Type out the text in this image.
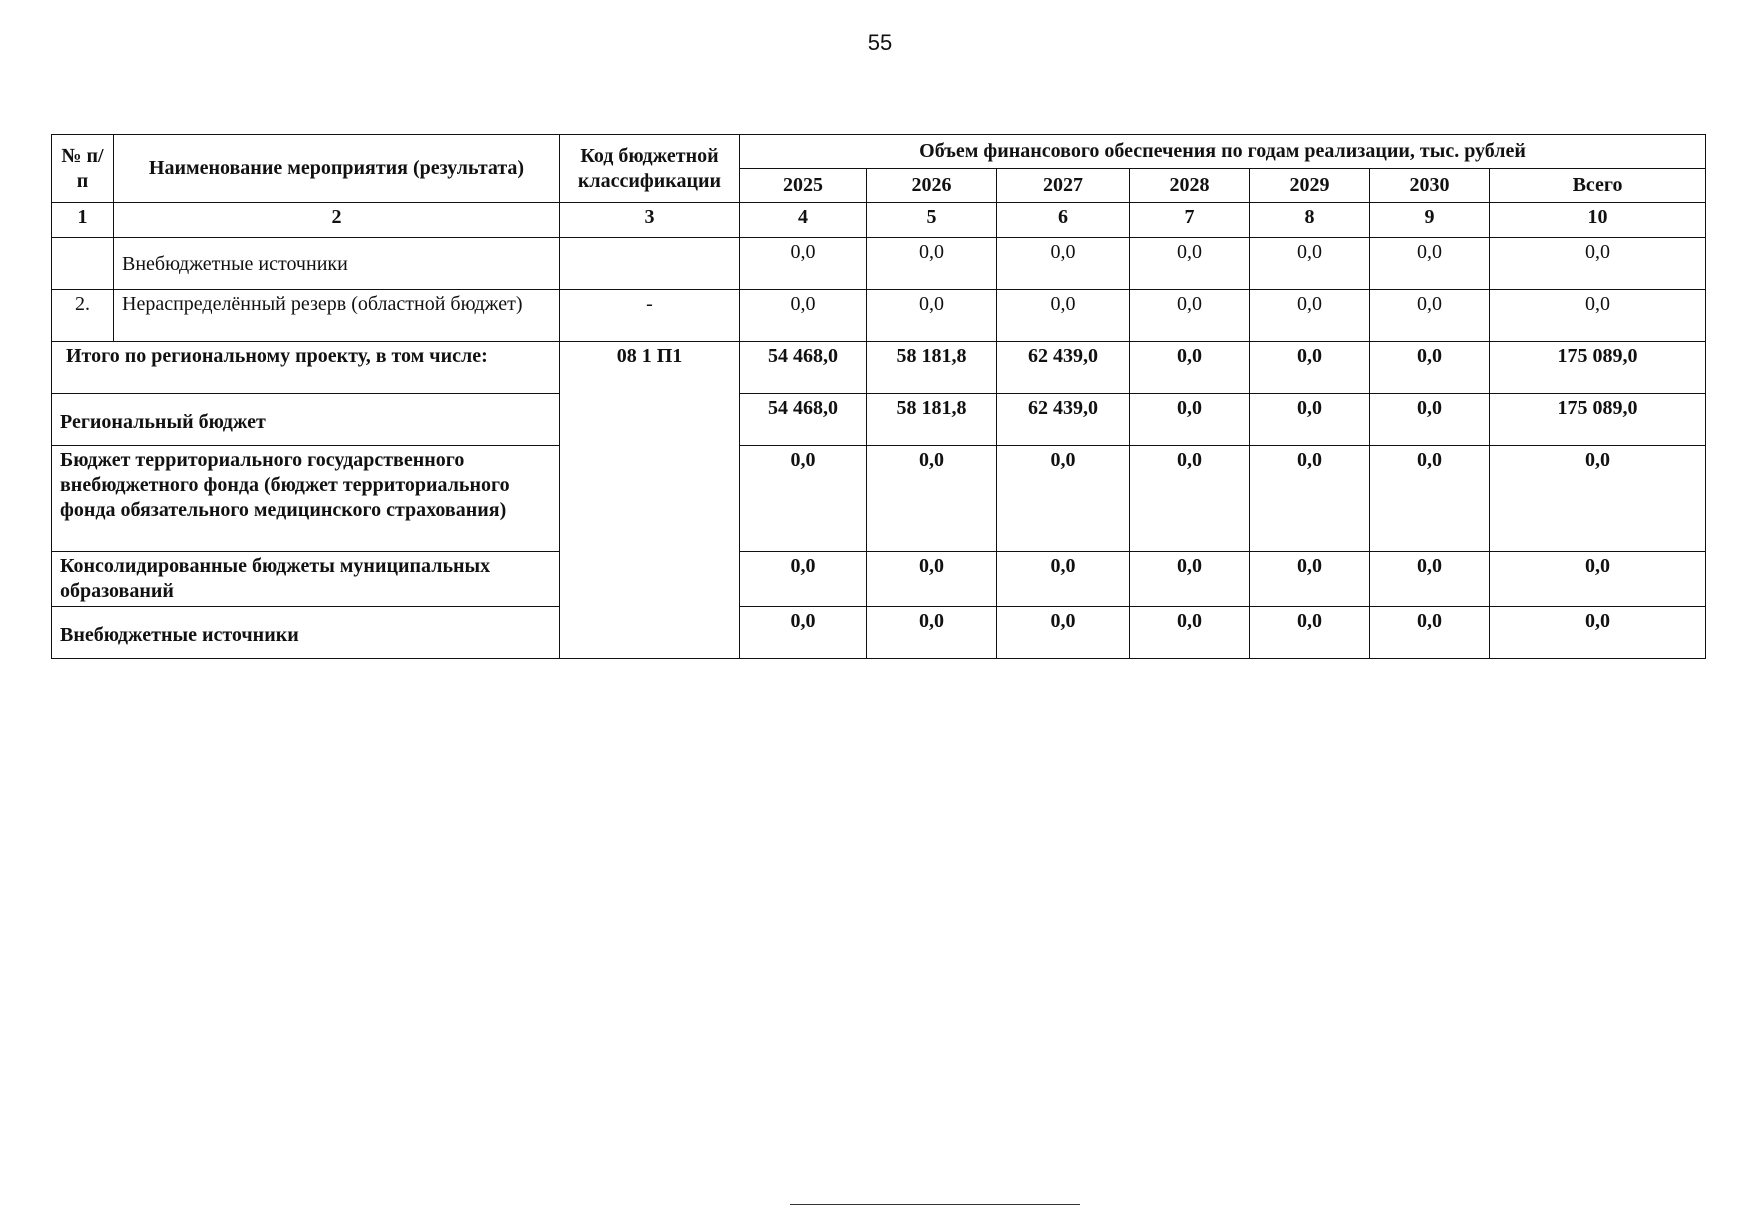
55
№ п/п	Наименование мероприятия (результата)	Код бюджетной классификации	Объем финансового обеспечения по годам реализации, тыс. рублей						
			2025	2026	2027	2028	2029	2030	Всего
1	2	3	4	5	6	7	8	9	10
	Внебюджетные источники		0,0	0,0	0,0	0,0	0,0	0,0	0,0
2.	Нераспределённый резерв (областной бюджет)	-	0,0	0,0	0,0	0,0	0,0	0,0	0,0
Итого по региональному проекту, в том числе:		08 1 П1	54 468,0	58 181,8	62 439,0	0,0	0,0	0,0	175 089,0
Региональный бюджет			54 468,0	58 181,8	62 439,0	0,0	0,0	0,0	175 089,0
Бюджет территориального государственного внебюджетного фонда (бюджет территориального фонда обязательного медицинского страхования)			0,0	0,0	0,0	0,0	0,0	0,0	0,0
Консолидированные бюджеты муниципальных образований			0,0	0,0	0,0	0,0	0,0	0,0	0,0
Внебюджетные источники			0,0	0,0	0,0	0,0	0,0	0,0	0,0
